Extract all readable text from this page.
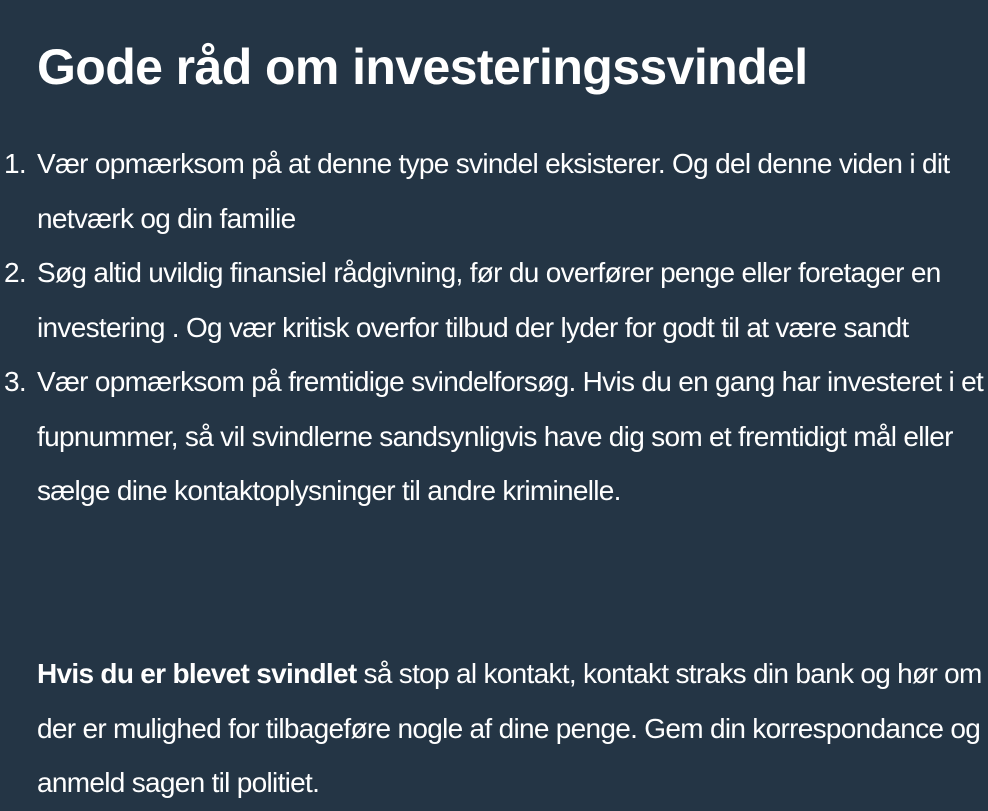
Gode råd om investeringssvindel
1. Vær opmærksom på at denne type svindel eksisterer. Og del denne viden i dit netværk og din familie
2. Søg altid uvildig finansiel rådgivning, før du overfører penge eller foretager en investering . Og vær kritisk overfor tilbud der lyder for godt til at være sandt
3. Vær opmærksom på fremtidige svindelforsøg. Hvis du en gang har investeret i et fupnummer, så vil svindlerne sandsynligvis have dig som et fremtidigt mål eller sælge dine kontaktoplysninger til andre kriminelle.

Hvis du er blevet svindlet så stop al kontakt, kontakt straks din bank og hør om der er mulighed for tilbageføre nogle af dine penge. Gem din korrespondance og anmeld sagen til politiet.
